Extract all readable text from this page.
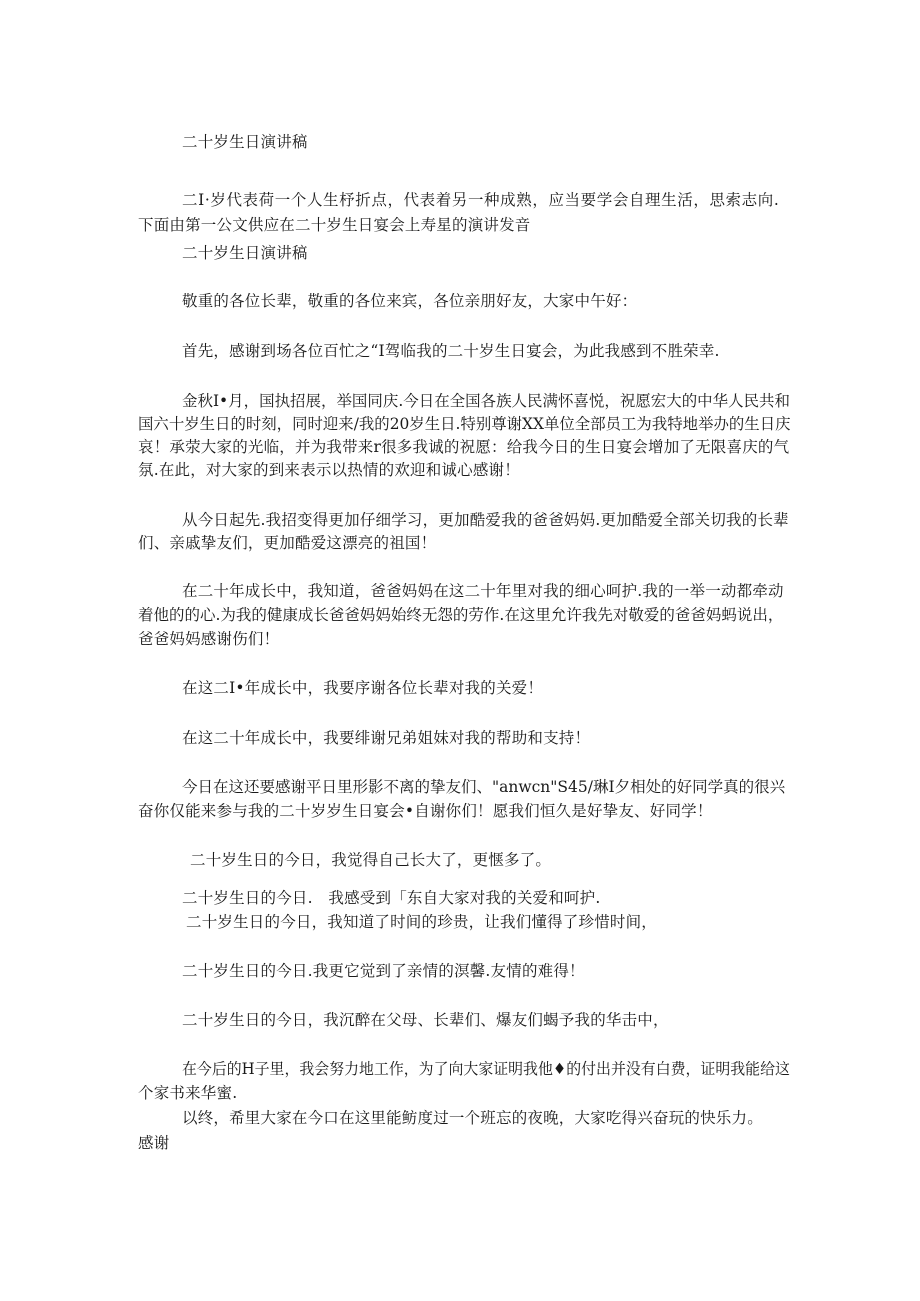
二十岁生日演讲稿
二I·岁代表荷一个人生杼折点，代表着另一种成熟，应当要学会自理生活，思索志向.
下面由第一公文供应在二十岁生日宴会上寿星的演讲发音
二十岁生日演讲稿
敬重的各位长辈，敬重的各位来宾，各位亲朋好友，大家中午好：
首先，感谢到场各位百忙之“I驾临我的二十岁生日宴会，为此我感到不胜荣幸.
金秋I•月，国执招展，举国同庆.今日在全国各族人民满怀喜悦，祝愿宏大的中华人民共和
国六十岁生日的时刻，同时迎来/我的20岁生日.特别尊谢XX单位全部员工为我特地举办的生日庆
哀！承荥大家的光临，并为我带来r很多我诚的祝愿：给我今日的生日宴会增加了无限喜庆的气
氛.在此，对大家的到来表示以热情的欢迎和诚心感谢！
从今日起先.我招变得更加仔细学习，更加酷爱我的爸爸妈妈.更加酷爱全部关切我的长辈
们、亲戚挚友们，更加酷爱这漂亮的祖国！
在二十年成长中，我知道，爸爸妈妈在这二十年里对我的细心呵护.我的一举一动都牵动
着他的的心.为我的健康成长爸爸妈妈始终无怨的劳作.在这里允许我先对敬爱的爸爸妈蚂说出，
爸爸妈妈感谢伤们！
在这二I•年成长中，我要序谢各位长辈对我的关爱！
在这二十年成长中，我要绯谢兄弟姐妹对我的帮助和支持！
今日在这还要感谢平日里形影不离的挚友们、"anwcn"S45/琳I夕相处的好同学真的很兴
奋你仅能来参与我的二十岁岁生日宴会•自谢你们！愿我们恒久是好挚友、好同学！
二十岁生日的今日，我觉得自己长大了，更惬多了。
二十岁生日的今日.　我感受到「东自大家对我的关爱和呵护.
二十岁生日的今日，我知道了时间的珍贵，让我们懂得了珍惜时间，
二十岁生日的今日.我更它觉到了亲情的溟馨.友情的难得！
二十岁生日的今日，我沉醉在父母、长辈们、爆友们蝎予我的华击中，
在今后的H子里，我会努力地工作，为了向大家证明我他♦的付出并没有白费，证明我能给这
个家书来华蜜.
以终，希里大家在今口在这里能鲂度过一个班忘的夜晚，大家吃得兴奋玩的快乐力。
感谢
